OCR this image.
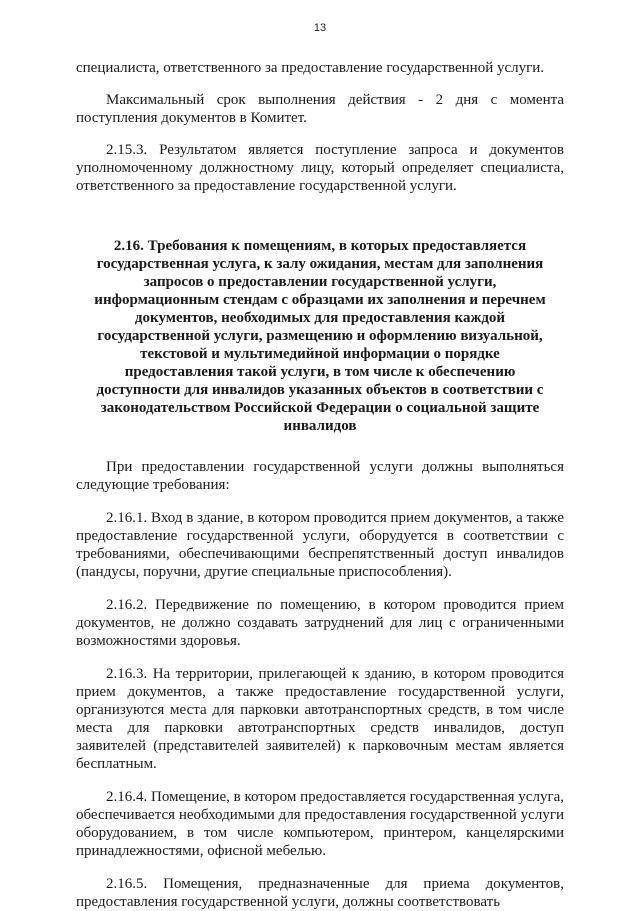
13

специалиста, ответственного за предоставление государственной услуги.

Максимальный срок выполнения действия - 2 дня с момента поступления документов в Комитет.

2.15.3. Результатом является поступление запроса и документов уполномоченному должностному лицу, который определяет специалиста, ответственного за предоставление государственной услуги.

2.16. Требования к помещениям, в которых предоставляется государственная услуга, к залу ожидания, местам для заполнения запросов о предоставлении государственной услуги, информационным стендам с образцами их заполнения и перечнем документов, необходимых для предоставления каждой государственной услуги, размещению и оформлению визуальной, текстовой и мультимедийной информации о порядке предоставления такой услуги, в том числе к обеспечению доступности для инвалидов указанных объектов в соответствии с законодательством Российской Федерации о социальной защите инвалидов

При предоставлении государственной услуги должны выполняться следующие требования:

2.16.1. Вход в здание, в котором проводится прием документов, а также предоставление государственной услуги, оборудуется в соответствии с требованиями, обеспечивающими беспрепятственный доступ инвалидов (пандусы, поручни, другие специальные приспособления).

2.16.2. Передвижение по помещению, в котором проводится прием документов, не должно создавать затруднений для лиц с ограниченными возможностями здоровья.

2.16.3. На территории, прилегающей к зданию, в котором проводится прием документов, а также предоставление государственной услуги, организуются места для парковки автотранспортных средств, в том числе места для парковки автотранспортных средств инвалидов, доступ заявителей (представителей заявителей) к парковочным местам является бесплатным.

2.16.4. Помещение, в котором предоставляется государственная услуга, обеспечивается необходимыми для предоставления государственной услуги оборудованием, в том числе компьютером, принтером, канцелярскими принадлежностями, офисной мебелью.

2.16.5. Помещения, предназначенные для приема документов, предоставления государственной услуги, должны соответствовать
